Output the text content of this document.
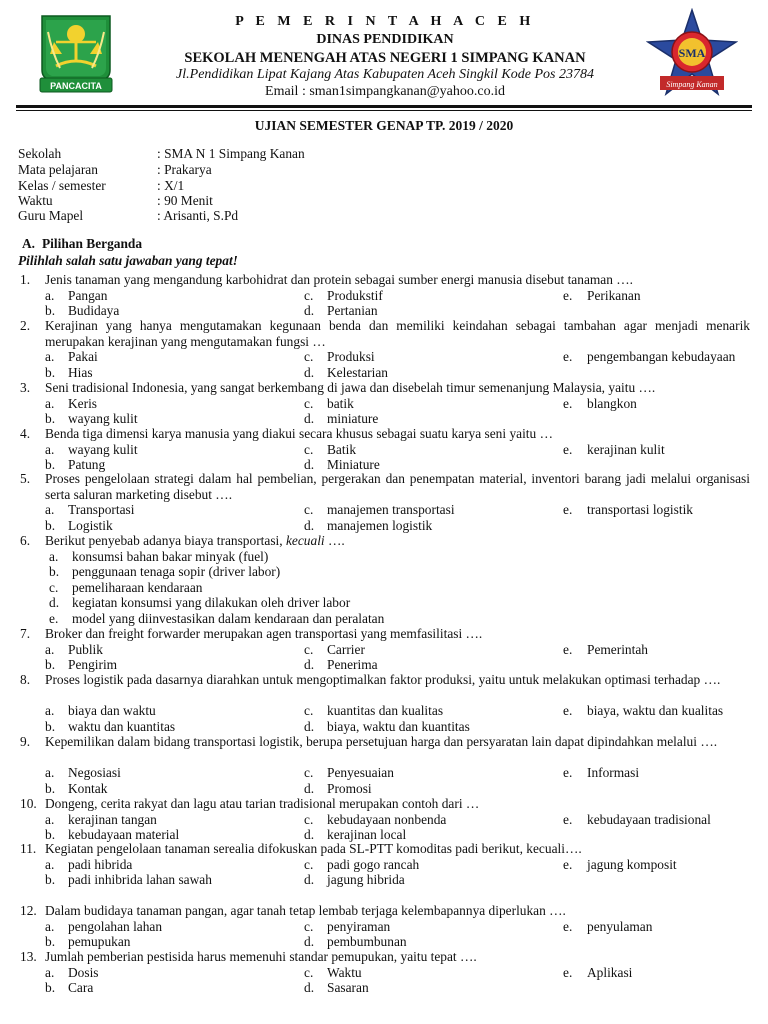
PANCACITA
SMA
Simpang Kanan
P E M E R I N T A H A C E H
DINAS PENDIDIKAN
SEKOLAH MENENGAH ATAS NEGERI 1 SIMPANG KANAN
Jl.Pendidikan Lipat Kajang Atas Kabupaten Aceh Singkil Kode Pos 23784
Email : sman1simpangkanan@yahoo.co.id
UJIAN SEMESTER GENAP TP. 2019 / 2020
Sekolah	: SMA N 1 Simpang Kanan
Mata pelajaran	: Prakarya
Kelas / semester	: X/1
Waktu	: 90 Menit
Guru Mapel	: Arisanti, S.Pd
A. Pilihan Berganda
Pilihlah salah satu jawaban yang tepat!
1. Jenis tanaman yang mengandung karbohidrat dan protein sebagai sumber energi manusia disebut tanaman ….
a. Pangan	c. Produkstif	e. Perikanan
b. Budidaya	d. Pertanian
2. Kerajinan yang hanya mengutamakan kegunaan benda dan memiliki keindahan sebagai tambahan agar menjadi menarik merupakan kerajinan yang mengutamakan fungsi …
a. Pakai	c. Produksi	e. pengembangan kebudayaan
b. Hias	d. Kelestarian
3. Seni tradisional Indonesia, yang sangat berkembang di jawa dan disebelah timur semenanjung Malaysia, yaitu ….
a. Keris	c. batik	e. blangkon
b. wayang kulit	d. miniature
4. Benda tiga dimensi karya manusia yang diakui secara khusus sebagai suatu karya seni yaitu …
a. wayang kulit	c. Batik	e. kerajinan kulit
b. Patung	d. Miniature
5. Proses pengelolaan strategi dalam hal pembelian, pergerakan dan penempatan material, inventori barang jadi melalui organisasi serta saluran marketing disebut ….
a. Transportasi	c. manajemen transportasi	e. transportasi logistik
b. Logistik	d. manajemen logistik
6. Berikut penyebab adanya biaya transportasi, kecuali ….
a. konsumsi bahan bakar minyak (fuel)
b. penggunaan tenaga sopir (driver labor)
c. pemeliharaan kendaraan
d. kegiatan konsumsi yang dilakukan oleh driver labor
e. model yang diinvestasikan dalam kendaraan dan peralatan
7. Broker dan freight forwarder merupakan agen transportasi yang memfasilitasi ….
a. Publik	c. Carrier	e. Pemerintah
b. Pengirim	d. Penerima
8. Proses logistik pada dasarnya diarahkan untuk mengoptimalkan faktor produksi, yaitu untuk melakukan optimasi terhadap ….
a. biaya dan waktu	c. kuantitas dan kualitas	e. biaya, waktu dan kualitas
b. waktu dan kuantitas	d. biaya, waktu dan kuantitas
9. Kepemilikan dalam bidang transportasi logistik, berupa persetujuan harga dan persyaratan lain dapat dipindahkan melalui ….
a. Negosiasi	c. Penyesuaian	e. Informasi
b. Kontak	d. Promosi
10. Dongeng, cerita rakyat dan lagu atau tarian tradisional merupakan contoh dari …
a. kerajinan tangan	c. kebudayaan nonbenda	e. kebudayaan tradisional
b. kebudayaan material	d. kerajinan local
11. Kegiatan pengelolaan tanaman serealia difokuskan pada SL-PTT komoditas padi berikut, kecuali….
a. padi hibrida	c. padi gogo rancah	e. jagung komposit
b. padi inhibrida lahan sawah	d. jagung hibrida
12. Dalam budidaya tanaman pangan, agar tanah tetap lembab terjaga kelembapannya diperlukan ….
a. pengolahan lahan	c. penyiraman	e. penyulaman
b. pemupukan	d. pembumbunan
13. Jumlah pemberian pestisida harus memenuhi standar pemupukan, yaitu tepat ….
a. Dosis	c. Waktu	e. Aplikasi
b. Cara	d. Sasaran
